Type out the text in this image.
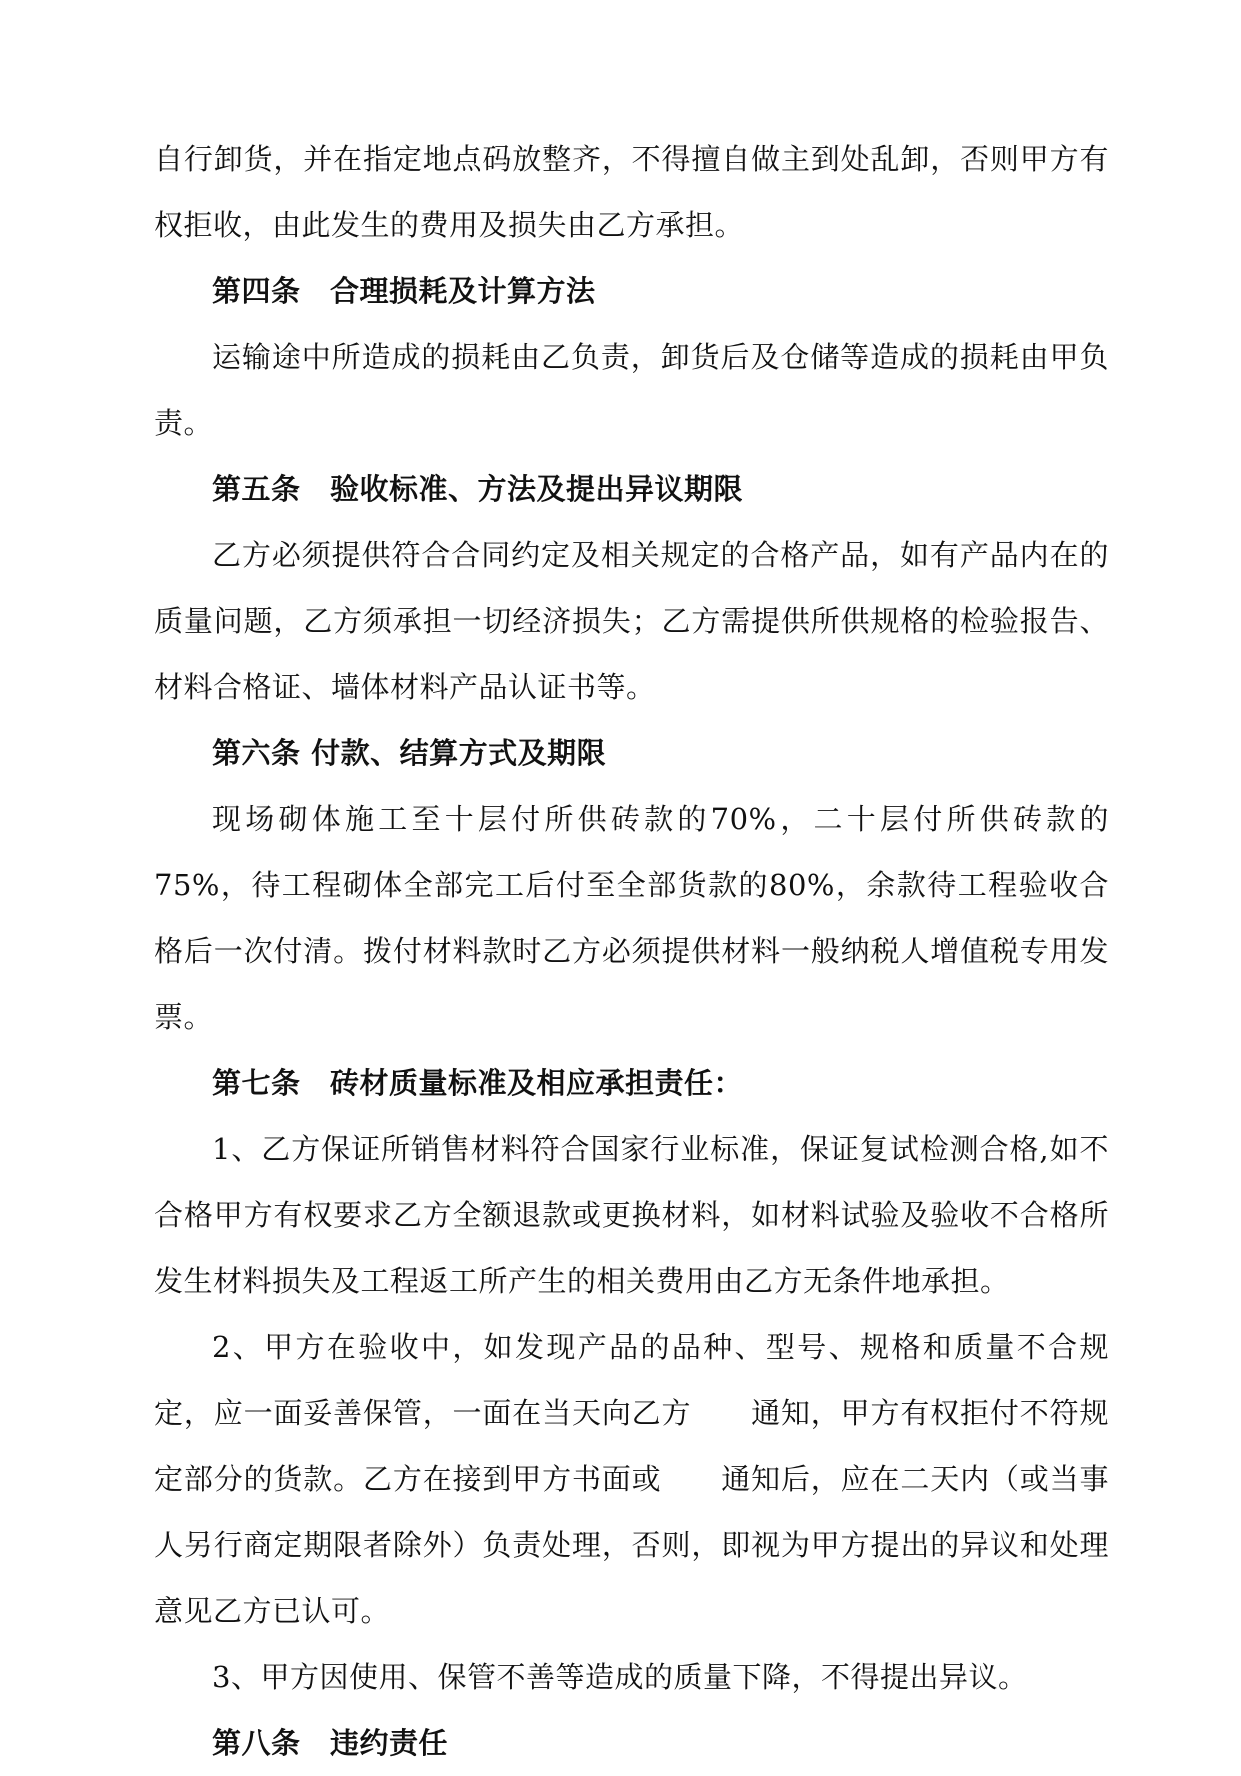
自行卸货，并在指定地点码放整齐，不得擅自做主到处乱卸，否则甲方有权拒收，由此发生的费用及损失由乙方承担。

第四条　合理损耗及计算方法

运输途中所造成的损耗由乙负责，卸货后及仓储等造成的损耗由甲负责。

第五条　验收标准、方法及提出异议期限

乙方必须提供符合合同约定及相关规定的合格产品，如有产品内在的质量问题，乙方须承担一切经济损失；乙方需提供所供规格的检验报告、材料合格证、墙体材料产品认证书等。

第六条 付款、结算方式及期限

现场砌体施工至十层付所供砖款的70%，二十层付所供砖款的75%，待工程砌体全部完工后付至全部货款的80%，余款待工程验收合格后一次付清。拨付材料款时乙方必须提供材料一般纳税人增值税专用发票。

第七条　砖材质量标准及相应承担责任：

1、乙方保证所销售材料符合国家行业标准，保证复试检测合格,如不合格甲方有权要求乙方全额退款或更换材料，如材料试验及验收不合格所发生材料损失及工程返工所产生的相关费用由乙方无条件地承担。

2、甲方在验收中，如发现产品的品种、型号、规格和质量不合规定，应一面妥善保管，一面在当天向乙方　　通知，甲方有权拒付不符规定部分的货款。乙方在接到甲方书面或　　通知后，应在二天内（或当事人另行商定期限者除外）负责处理，否则，即视为甲方提出的异议和处理意见乙方已认可。

3、甲方因使用、保管不善等造成的质量下降，不得提出异议。

第八条　违约责任
